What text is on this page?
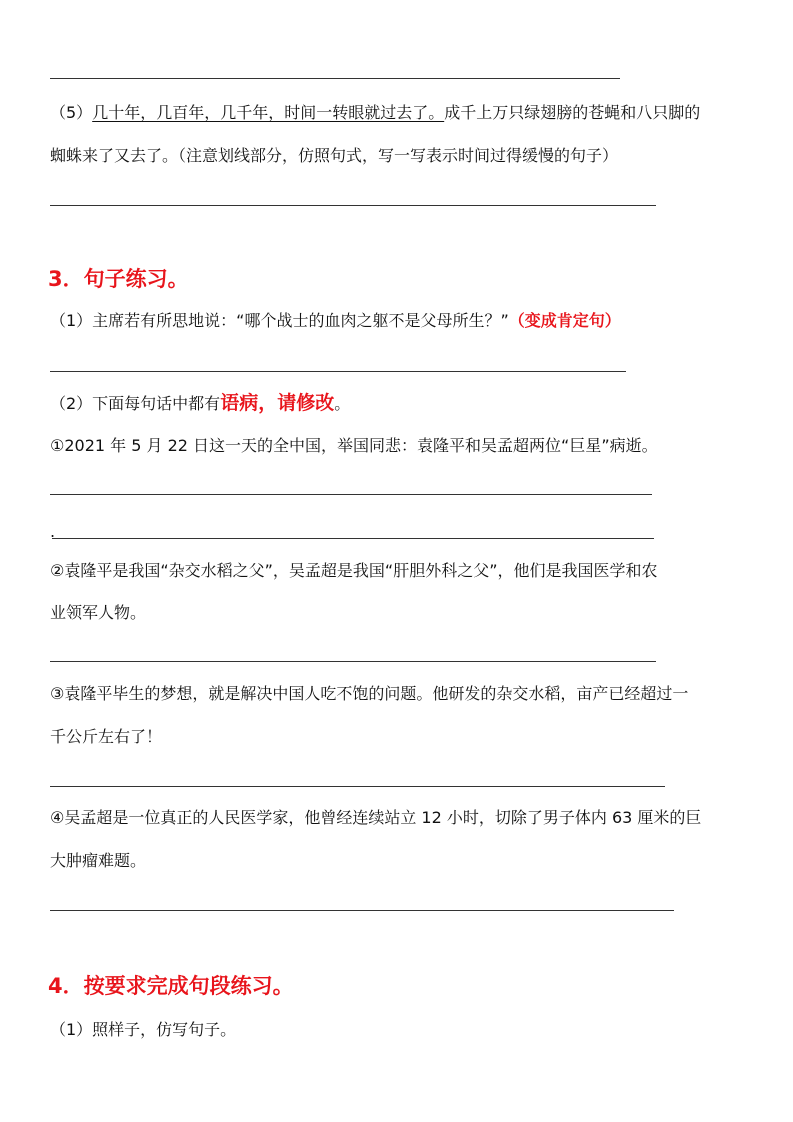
（5）几十年，几百年，几千年，时间一转眼就过去了。成千上万只绿翅膀的苍蝇和八只脚的
蜘蛛来了又去了。（注意划线部分，仿照句式，写一写表示时间过得缓慢的句子）
3．句子练习。
（1）主席若有所思地说：“哪个战士的血肉之躯不是父母所生？”（变成肯定句）
（2）下面每句话中都有语病，请修改。
①2021 年 5 月 22 日这一天的全中国，举国同悲：袁隆平和吴孟超两位“巨星”病逝。
.
②袁隆平是我国“杂交水稻之父”，吴孟超是我国“肝胆外科之父”，他们是我国医学和农
业领军人物。
③袁隆平毕生的梦想，就是解决中国人吃不饱的问题。他研发的杂交水稻，亩产已经超过一
千公斤左右了！
④吴孟超是一位真正的人民医学家，他曾经连续站立 12 小时，切除了男子体内 63 厘米的巨
大肿瘤难题。
4．按要求完成句段练习。
（1）照样子，仿写句子。
